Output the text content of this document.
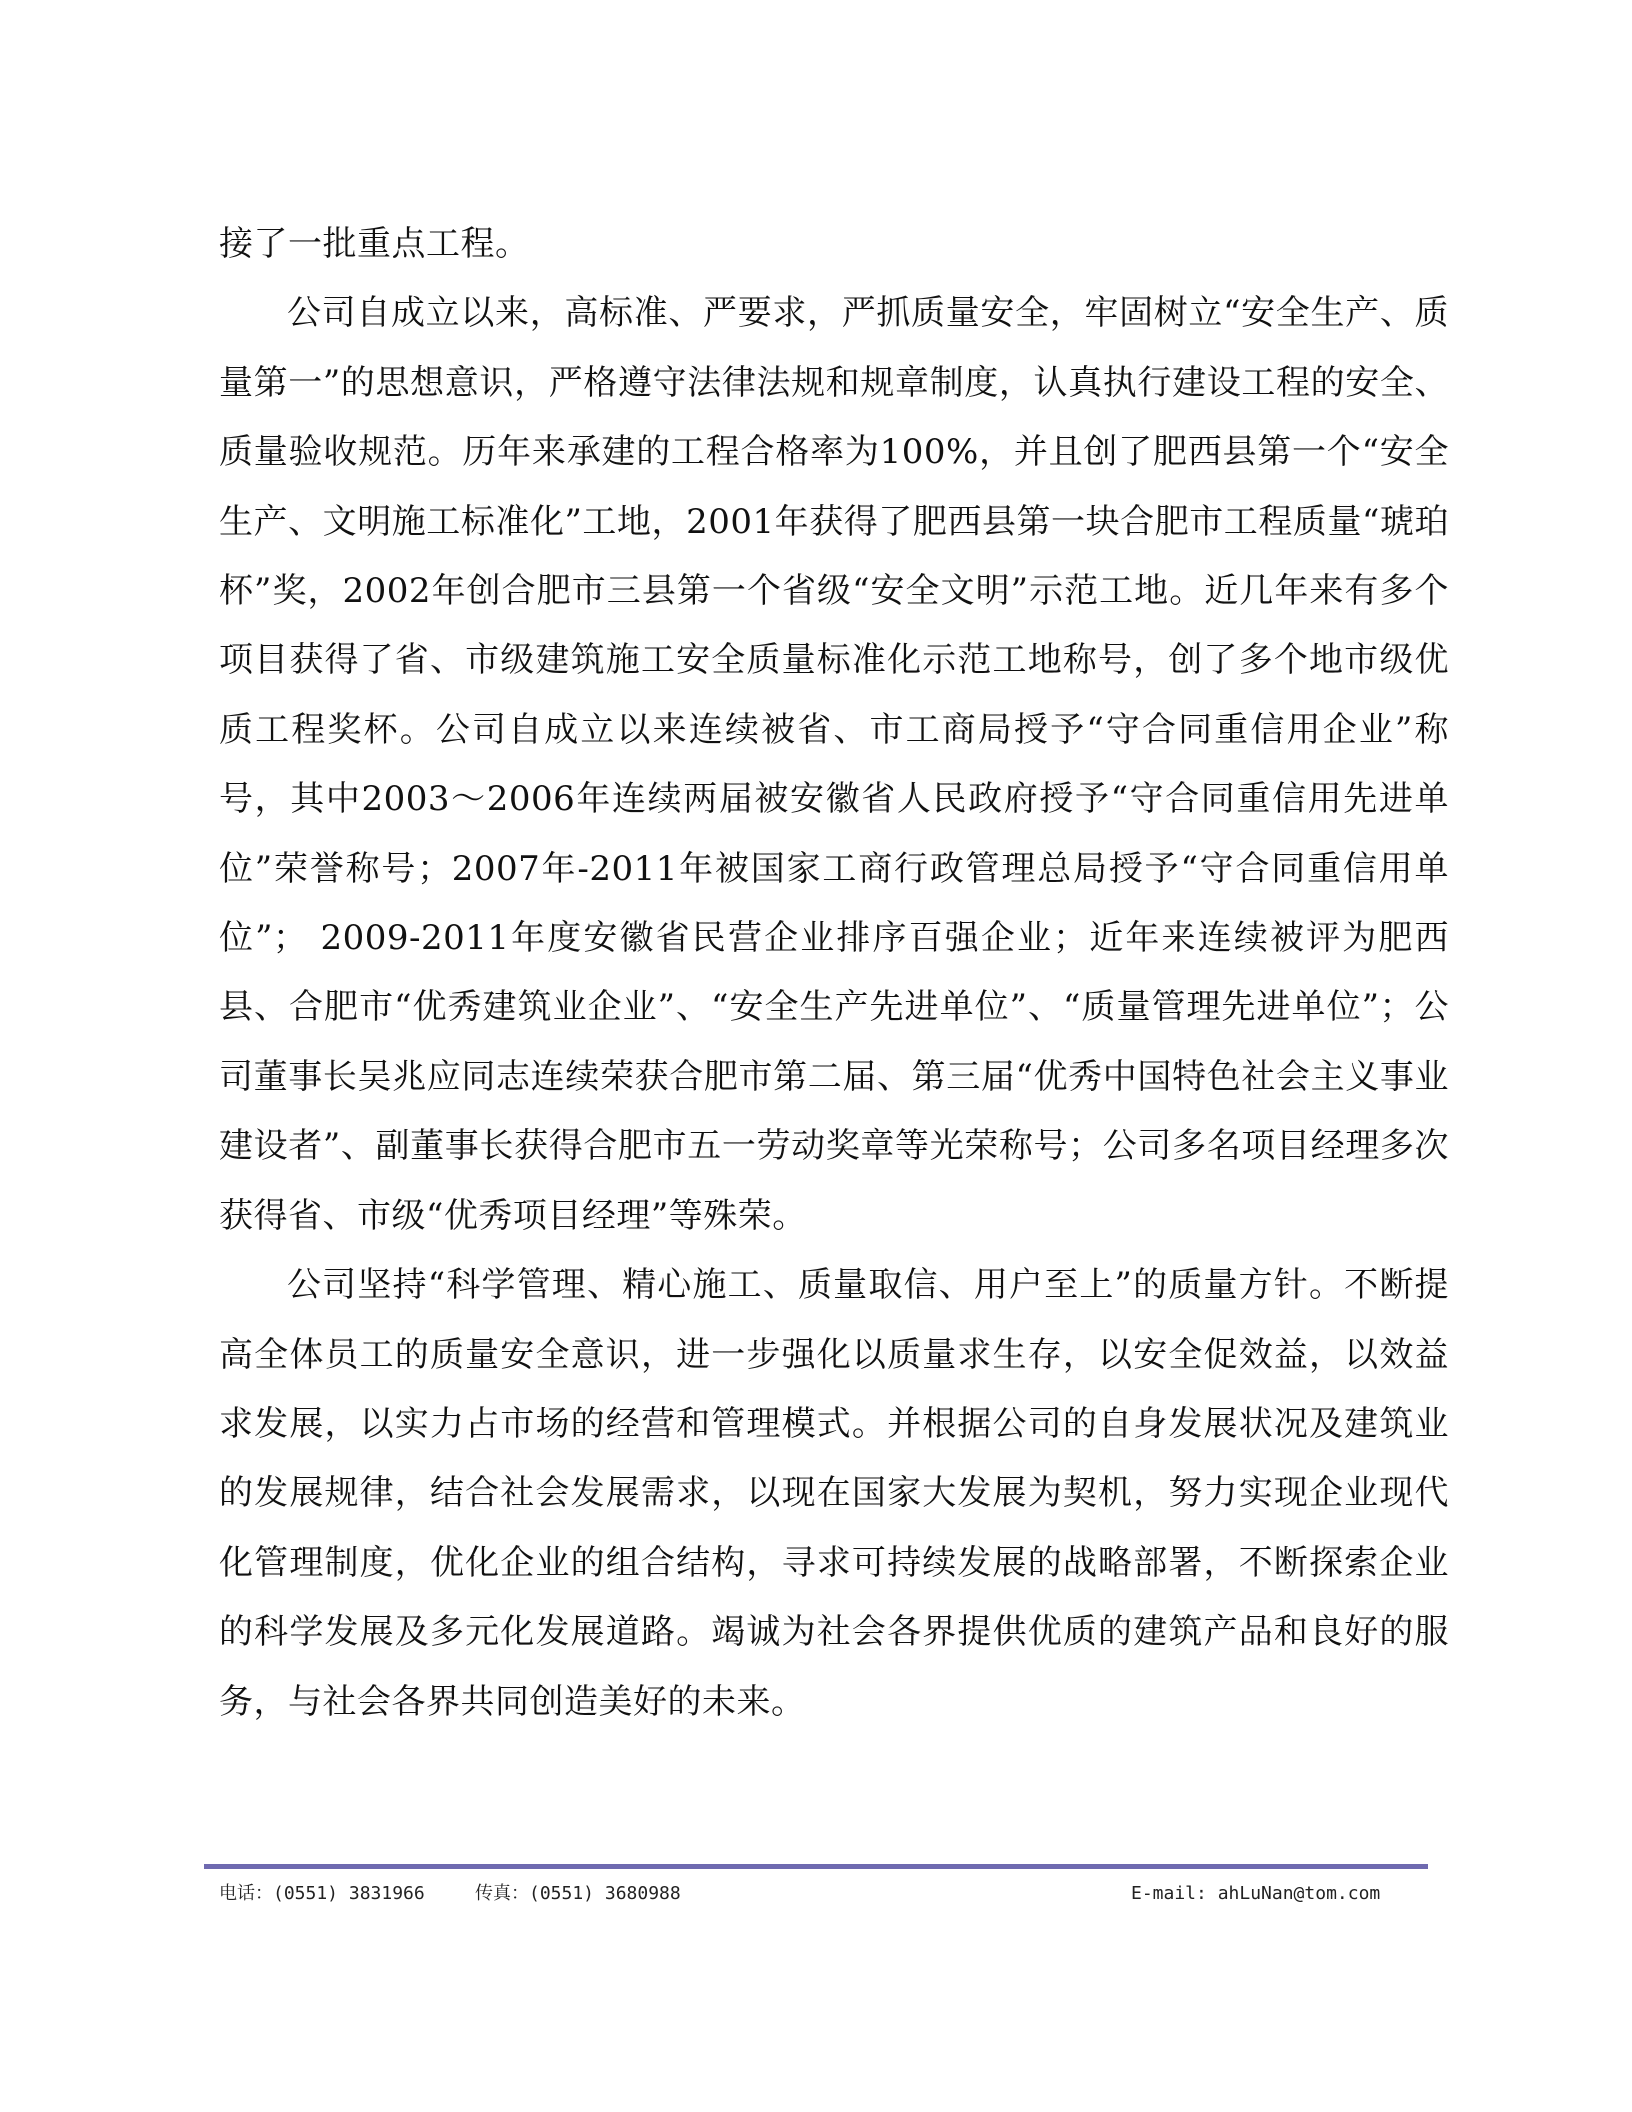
接了一批重点工程。

公司自成立以来，高标准、严要求，严抓质量安全，牢固树立“安全生产、质量第一”的思想意识，严格遵守法律法规和规章制度，认真执行建设工程的安全、质量验收规范。历年来承建的工程合格率为100%，并且创了肥西县第一个“安全生产、文明施工标准化”工地，2001年获得了肥西县第一块合肥市工程质量“琥珀杯”奖，2002年创合肥市三县第一个省级“安全文明”示范工地。近几年来有多个项目获得了省、市级建筑施工安全质量标准化示范工地称号，创了多个地市级优质工程奖杯。公司自成立以来连续被省、市工商局授予“守合同重信用企业”称号，其中2003～2006年连续两届被安徽省人民政府授予“守合同重信用先进单位”荣誉称号；2007年-2011年被国家工商行政管理总局授予“守合同重信用单位”； 2009-2011年度安徽省民营企业排序百强企业；近年来连续被评为肥西县、合肥市“优秀建筑业企业”、“安全生产先进单位”、“质量管理先进单位”；公司董事长吴兆应同志连续荣获合肥市第二届、第三届“优秀中国特色社会主义事业建设者”、副董事长获得合肥市五一劳动奖章等光荣称号；公司多名项目经理多次获得省、市级“优秀项目经理”等殊荣。

公司坚持“科学管理、精心施工、质量取信、用户至上”的质量方针。不断提高全体员工的质量安全意识，进一步强化以质量求生存，以安全促效益，以效益求发展，以实力占市场的经营和管理模式。并根据公司的自身发展状况及建筑业的发展规律，结合社会发展需求，以现在国家大发展为契机，努力实现企业现代化管理制度，优化企业的组合结构，寻求可持续发展的战略部署，不断探索企业的科学发展及多元化发展道路。竭诚为社会各界提供优质的建筑产品和良好的服务，与社会各界共同创造美好的未来。

电话：(0551) 3831966	传真：(0551) 3680988	E-mail: ahLuNan@tom.com
